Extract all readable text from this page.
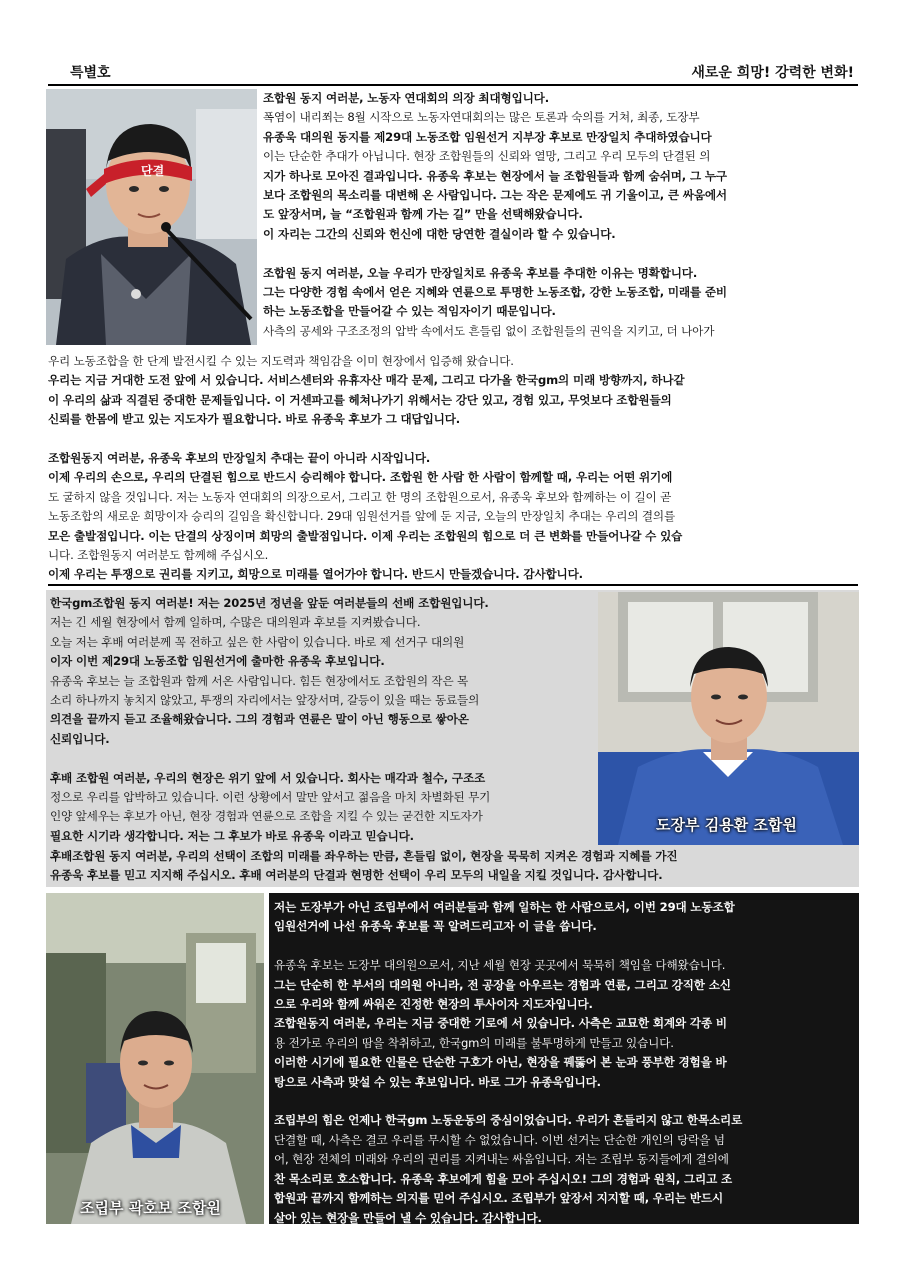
특별호	새로운 희망! 강력한 변화!
단결
조합원 동지 여러분, 노동자 연대회의 의장 최대형입니다.
폭염이 내리쬐는 8월 시작으로 노동자연대회의는 많은 토론과 숙의를 거쳐, 최종, 도장부
유종욱 대의원 동지를 제29대 노동조합 임원선거 지부장 후보로 만장일치 추대하였습니다
이는 단순한 추대가 아닙니다. 현장 조합원들의 신뢰와 열망, 그리고 우리 모두의 단결된 의
지가 하나로 모아진 결과입니다. 유종욱 후보는 현장에서 늘 조합원들과 함께 숨쉬며, 그 누구
보다 조합원의 목소리를 대변해 온 사람입니다. 그는 작은 문제에도 귀 기울이고, 큰 싸움에서
도 앞장서며, 늘 “조합원과 함께 가는 길” 만을 선택해왔습니다.
이 자리는 그간의 신뢰와 헌신에 대한 당연한 결실이라 할 수 있습니다.

조합원 동지 여러분, 오늘 우리가 만장일치로 유종욱 후보를 추대한 이유는 명확합니다.
그는 다양한 경험 속에서 얻은 지혜와 연륜으로 투명한 노동조합, 강한 노동조합, 미래를 준비
하는 노동조합을 만들어갈 수 있는 적임자이기 때문입니다.
사측의 공세와 구조조정의 압박 속에서도 흔들림 없이 조합원들의 권익을 지키고, 더 나아가
우리 노동조합을 한 단계 발전시킬 수 있는 지도력과 책임감을 이미 현장에서 입증해 왔습니다.
우리는 지금 거대한 도전 앞에 서 있습니다. 서비스센터와 유휴자산 매각 문제, 그리고 다가올 한국gm의 미래 방향까지, 하나같
이 우리의 삶과 직결된 중대한 문제들입니다. 이 거센파고를 헤쳐나가기 위해서는 강단 있고, 경험 있고, 무엇보다 조합원들의
신뢰를 한몸에 받고 있는 지도자가 필요합니다. 바로 유종욱 후보가 그 대답입니다.

조합원동지 여러분, 유종욱 후보의 만장일치 추대는 끝이 아니라 시작입니다.
이제 우리의 손으로, 우리의 단결된 힘으로 반드시 승리해야 합니다. 조합원 한 사람 한 사람이 함께할 때, 우리는 어떤 위기에
도 굴하지 않을 것입니다. 저는 노동자 연대회의 의장으로서, 그리고 한 명의 조합원으로서, 유종욱 후보와 함께하는 이 길이 곧
노동조합의 새로운 희망이자 승리의 길임을 확신합니다. 29대 임원선거를 앞에 둔 지금, 오늘의 만장일치 추대는 우리의 결의를
모은 출발점입니다. 이는 단결의 상징이며 희망의 출발점입니다. 이제 우리는 조합원의 힘으로 더 큰 변화를 만들어나갈 수 있습
니다. 조합원동지 여러분도 함께해 주십시오.
이제 우리는 투쟁으로 권리를 지키고, 희망으로 미래를 열어가야 합니다. 반드시 만들겠습니다. 감사합니다.
한국gm조합원 동지 여러분! 저는 2025년 정년을 앞둔 여러분들의 선배 조합원입니다.
저는 긴 세월 현장에서 함께 일하며, 수많은 대의원과 후보를 지켜봤습니다.
오늘 저는 후배 여러분께 꼭 전하고 싶은 한 사람이 있습니다. 바로 제 선거구 대의원
이자 이번 제29대 노동조합 임원선거에 출마한 유종욱 후보입니다.
유종욱 후보는 늘 조합원과 함께 서온 사람입니다. 힘든 현장에서도 조합원의 작은 목
소리 하나까지 놓치지 않았고, 투쟁의 자리에서는 앞장서며, 갈등이 있을 때는 동료들의
의견을 끝까지 듣고 조율해왔습니다. 그의 경험과 연륜은 말이 아닌 행동으로 쌓아온
신뢰입니다.

후배 조합원 여러분, 우리의 현장은 위기 앞에 서 있습니다. 회사는 매각과 철수, 구조조
정으로 우리를 압박하고 있습니다. 이런 상황에서 말만 앞서고 젊음을 마치 차별화된 무기
인양 앞세우는 후보가 아닌, 현장 경험과 연륜으로 조합을 지킬 수 있는 굳건한 지도자가
필요한 시기라 생각합니다. 저는 그 후보가 바로 유종욱 이라고 믿습니다.
도장부 김용환 조합원
후배조합원 동지 여러분, 우리의 선택이 조합의 미래를 좌우하는 만큼, 흔들림 없이, 현장을 묵묵히 지켜온 경험과 지혜를 가진
유종욱 후보를 믿고 지지해 주십시오. 후배 여러분의 단결과 현명한 선택이 우리 모두의 내일을 지킬 것입니다. 감사합니다.
조립부 곽호보 조합원
저는 도장부가 아닌 조립부에서 여러분들과 함께 일하는 한 사람으로서, 이번 29대 노동조합
임원선거에 나선 유종욱 후보를 꼭 알려드리고자 이 글을 씁니다.

유종욱 후보는 도장부 대의원으로서, 지난 세월 현장 곳곳에서 묵묵히 책임을 다해왔습니다.
그는 단순히 한 부서의 대의원 아니라, 전 공장을 아우르는 경험과 연륜, 그리고 강직한 소신
으로 우리와 함께 싸워온 진정한 현장의 투사이자 지도자입니다.
조합원동지 여러분, 우리는 지금 중대한 기로에 서 있습니다. 사측은 교묘한 회계와 각종 비
용 전가로 우리의 땀을 착취하고, 한국gm의 미래를 불투명하게 만들고 있습니다.
이러한 시기에 필요한 인물은 단순한 구호가 아닌, 현장을 꿰뚫어 본 눈과 풍부한 경험을 바
탕으로 사측과 맞설 수 있는 후보입니다. 바로 그가 유종욱입니다.

조립부의 힘은 언제나 한국gm 노동운동의 중심이었습니다. 우리가 흔들리지 않고 한목소리로
단결할 때, 사측은 결코 우리를 무시할 수 없었습니다. 이번 선거는 단순한 개인의 당락을 넘
어, 현장 전체의 미래와 우리의 권리를 지켜내는 싸움입니다. 저는 조립부 동지들에게 결의에
찬 목소리로 호소합니다. 유종욱 후보에게 힘을 모아 주십시오! 그의 경험과 원칙, 그리고 조
합원과 끝까지 함께하는 의지를 믿어 주십시오. 조립부가 앞장서 지지할 때, 우리는 반드시
살아 있는 현장을 만들어 낼 수 있습니다. 감사합니다.
